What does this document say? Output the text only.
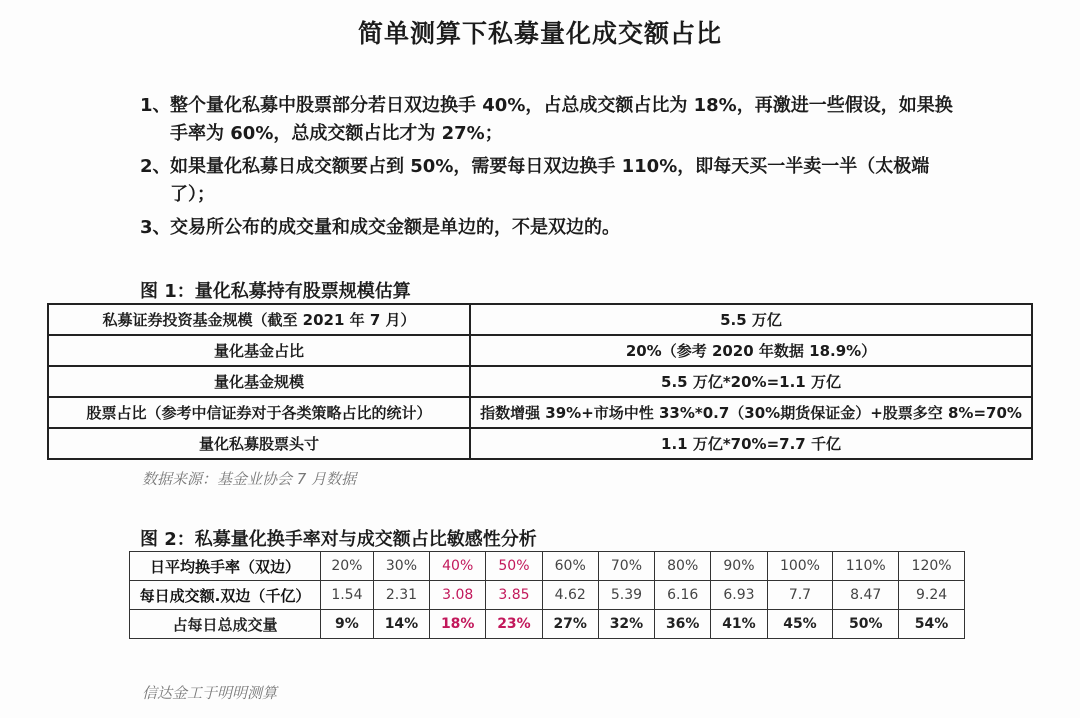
简单测算下私募量化成交额占比
1、 整个量化私募中股票部分若日双边换手 40%，占总成交额占比为 18%，再激进一些假设，如果换手率为 60%，总成交额占比才为 27%；
2、 如果量化私募日成交额要占到 50%，需要每日双边换手 110%，即每天买一半卖一半（太极端了）；
3、 交易所公布的成交量和成交金额是单边的，不是双边的。
图 1：量化私募持有股票规模估算
私募证券投资基金规模（截至 2021 年 7 月）	5.5 万亿
量化基金占比	20%（参考 2020 年数据 18.9%）
量化基金规模	5.5 万亿*20%=1.1 万亿
股票占比（参考中信证券对于各类策略占比的统计）	指数增强 39%+市场中性 33%*0.7（30%期货保证金）+股票多空 8%=70%
量化私募股票头寸	1.1 万亿*70%=7.7 千亿
数据来源：基金业协会 7 月数据
图 2：私募量化换手率对与成交额占比敏感性分析
日平均换手率（双边）	20%	30%	40%	50%	60%	70%	80%	90%	100%	110%	120%
每日成交额.双边（千亿）	1.54	2.31	3.08	3.85	4.62	5.39	6.16	6.93	7.7	8.47	9.24
占每日总成交量	9%	14%	18%	23%	27%	32%	36%	41%	45%	50%	54%
信达金工于明明测算
